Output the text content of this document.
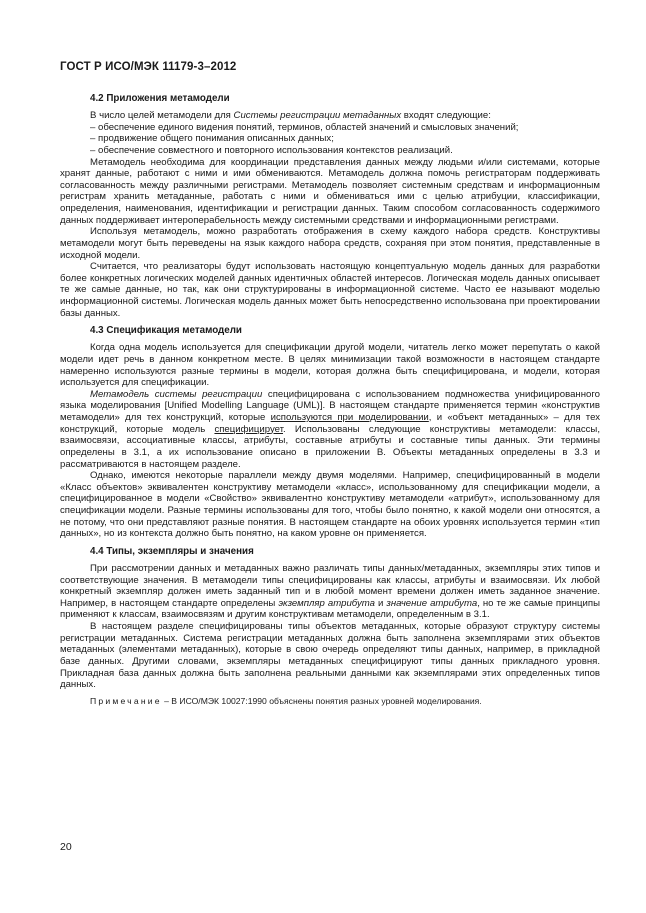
ГОСТ Р ИСО/МЭК 11179-3–2012
4.2 Приложения метамодели

В число целей метамодели для Системы регистрации метаданных входят следующие:

– обеспечение единого видения понятий, терминов, областей значений и смысловых значений;

– продвижение общего понимания описанных данных;

– обеспечение совместного и повторного использования контекстов реализаций.

Метамодель необходима для координации представления данных между людьми и/или системами, которые хранят данные, работают с ними и ими обмениваются. Метамодель должна помочь регистраторам поддерживать согласованность между различными регистрами. Метамодель позволяет системным средствам и информационным регистрам хранить метаданные, работать с ними и обмениваться ими с целью атрибуции, классификации, определения, наименования, идентификации и регистрации данных. Таким способом согласованность содержимого данных поддерживает интероперабельность между системными средствами и информационными регистрами.

Используя метамодель, можно разработать отображения в схему каждого набора средств. Конструктивы метамодели могут быть переведены на язык каждого набора средств, сохраняя при этом понятия, представленные в исходной модели.

Считается, что реализаторы будут использовать настоящую концептуальную модель данных для разработки более конкретных логических моделей данных идентичных областей интересов. Логическая модель данных описывает те же самые данные, но так, как они структурированы в информационной системе. Часто ее называют моделью информационной системы. Логическая модель данных может быть непосредственно использована при проектировании базы данных.

4.3 Спецификация метамодели

Когда одна модель используется для спецификации другой модели, читатель легко может перепутать о какой модели идет речь в данном конкретном месте. В целях минимизации такой возможности в настоящем стандарте намеренно используются разные термины в модели, которая должна быть специфицирована, и модели, которая используется для спецификации.

Метамодель системы регистрации специфицирована с использованием подмножества унифицированного языка моделирования [Unified Modelling Language (UML)]. В настоящем стандарте применяется термин «конструктив метамодели» для тех конструкций, которые используются при моделировании, и «объект метаданных» – для тех конструкций, которые модель специфицирует. Использованы следующие конструктивы метамодели: классы, взаимосвязи, ассоциативные классы, атрибуты, составные атрибуты и составные типы данных. Эти термины определены в 3.1, а их использование описано в приложении В. Объекты метаданных определены в 3.3 и рассматриваются в настоящем разделе.

Однако, имеются некоторые параллели между двумя моделями. Например, специфицированный в модели «Класс объектов» эквивалентен конструктиву метамодели «класс», использованному для спецификации модели, а специфицированное в модели «Свойство» эквивалентно конструктиву метамодели «атрибут», использованному для спецификации модели. Разные термины использованы для того, чтобы было понятно, к какой модели они относятся, а не потому, что они представляют разные понятия. В настоящем стандарте на обоих уровнях используется термин «тип данных», но из контекста должно быть понятно, на каком уровне он применяется.

4.4 Типы, экземпляры и значения

При рассмотрении данных и метаданных важно различать типы данных/метаданных, экземпляры этих типов и соответствующие значения. В метамодели типы специфицированы как классы, атрибуты и взаимосвязи. Их любой конкретный экземпляр должен иметь заданный тип и в любой момент времени должен иметь заданное значение. Например, в настоящем стандарте определены экземпляр атрибута и значение атрибута, но те же самые принципы применяют к классам, взаимосвязям и другим конструктивам метамодели, определенным в 3.1.

В настоящем разделе специфицированы типы объектов метаданных, которые образуют структуру системы регистрации метаданных. Система регистрации метаданных должна быть заполнена экземплярами этих объектов метаданных (элементами метаданных), которые в свою очередь определяют типы данных, например, в прикладной базе данных. Другими словами, экземпляры метаданных специфицируют типы данных прикладного уровня. Прикладная база данных должна быть заполнена реальными данными как экземплярами этих определенных типов данных.

Примечание – В ИСО/МЭК 10027:1990 объяснены понятия разных уровней моделирования.
20
